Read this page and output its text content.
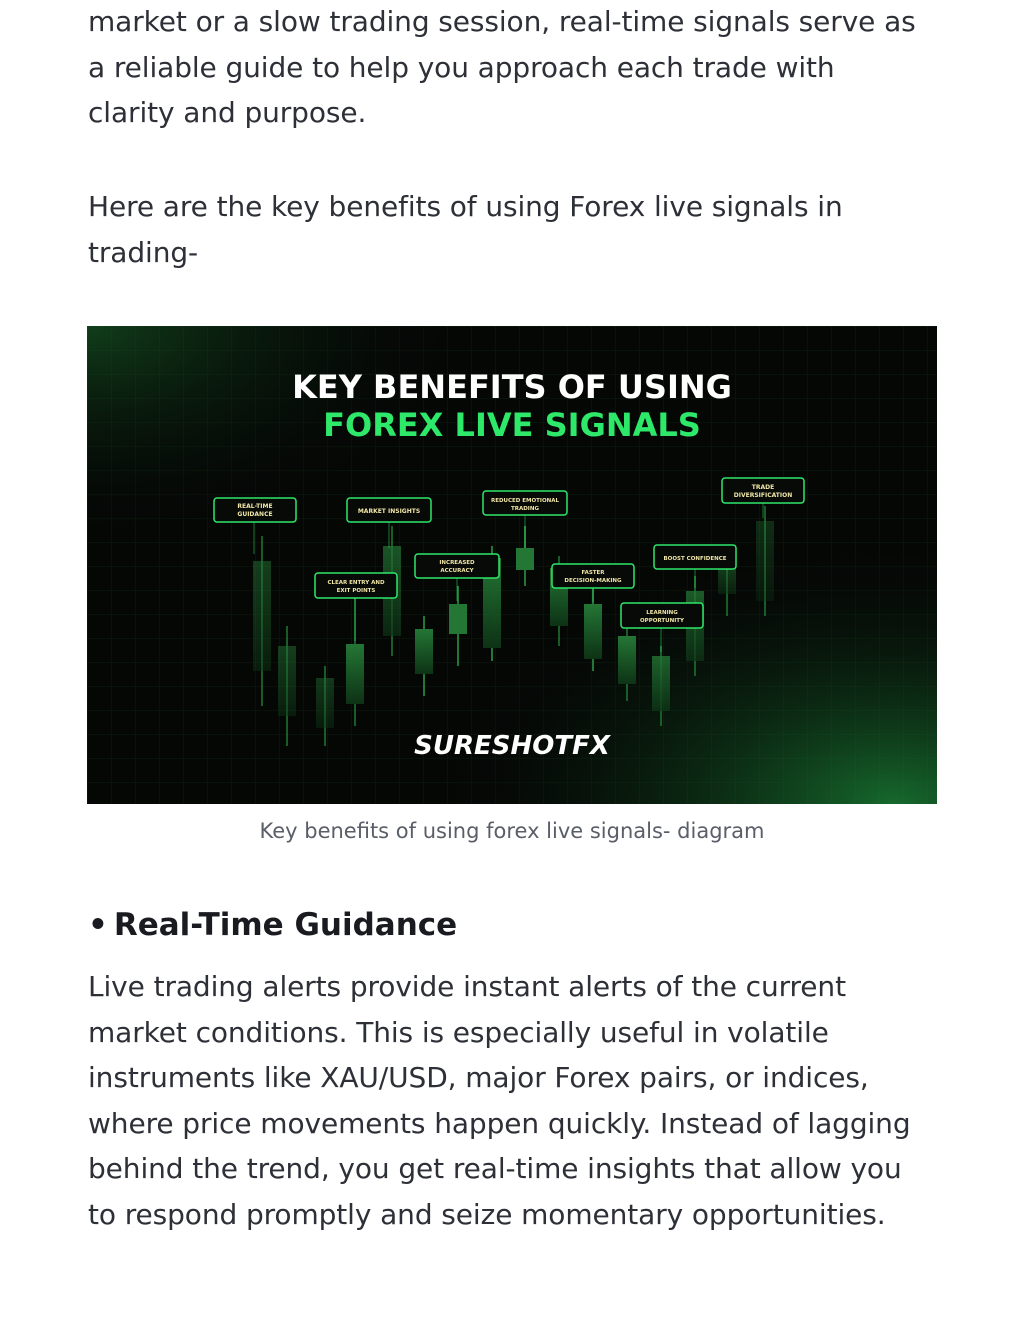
market or a slow trading session, real-time signals serve as
a reliable guide to help you approach each trade with
clarity and purpose.

Here are the key benefits of using Forex live signals in
trading-

KEY BENEFITS OF USING
FOREX LIVE SIGNALS
REAL-TIME
GUIDANCE	MARKET INSIGHTS
REDUCED EMOTIONAL
TRADING
TRADE
DIVERSIFICATION
INCREASED
ACCURACY
BOOST CONFIDENCE
CLEAR ENTRY AND
EXIT POINTS
FASTER
DECISION-MAKING
LEARNING
OPPORTUNITY
SURESHOTFX
Key benefits of using forex live signals- diagram
• Real-Time Guidance

Live trading alerts provide instant alerts of the current
market conditions. This is especially useful in volatile
instruments like XAU/USD, major Forex pairs, or indices,
where price movements happen quickly. Instead of lagging
behind the trend, you get real-time insights that allow you
to respond promptly and seize momentary opportunities.
